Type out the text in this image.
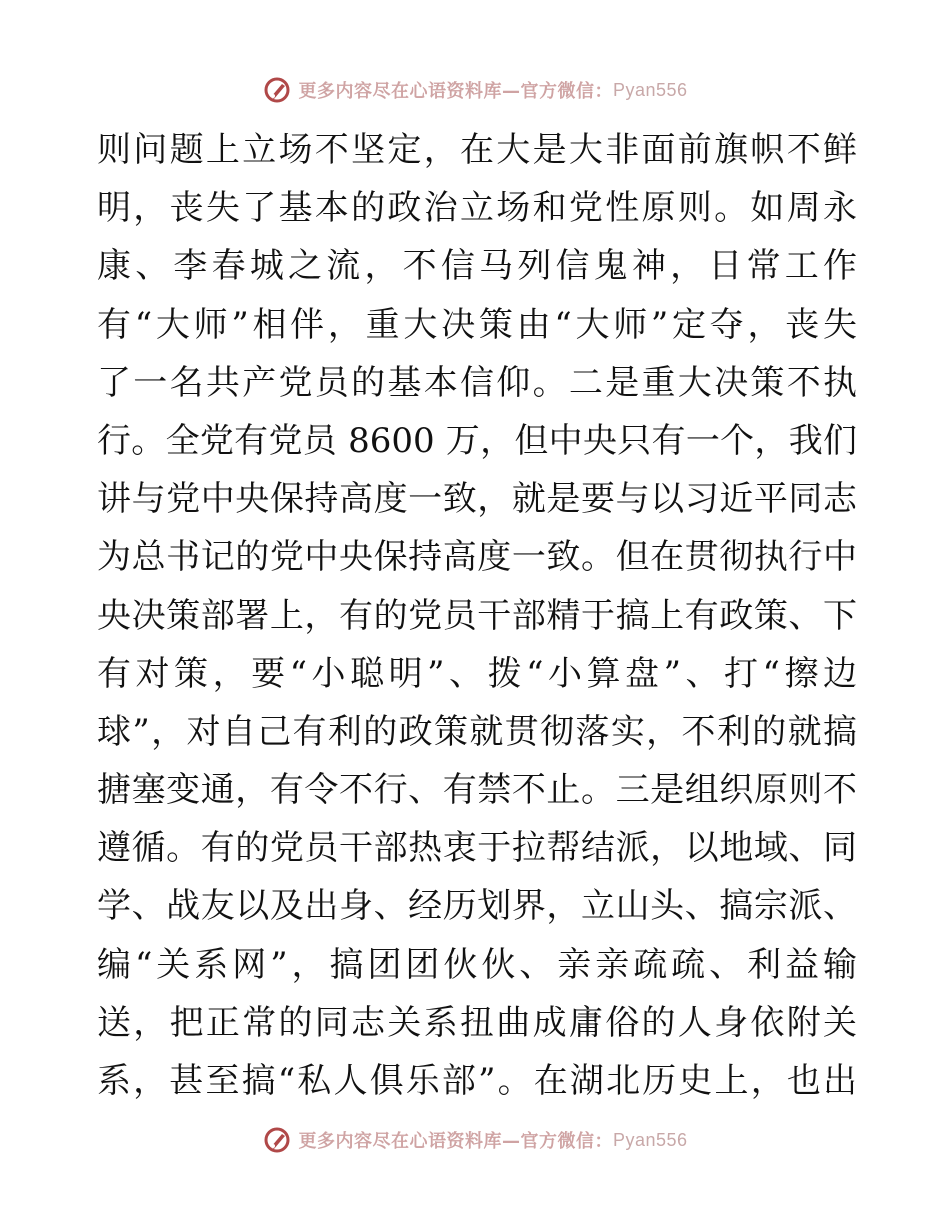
更多内容尽在心语资料库—官方微信： Pyan556
则问题上立场不坚定，在大是大非面前旗帜不鲜
明，丧失了基本的政治立场和党性原则。如周永
康、李春城之流，不信马列信鬼神，日常工作
有“大师”相伴，重大决策由“大师”定夺，丧失
了一名共产党员的基本信仰。二是重大决策不执
行。全党有党员 8600 万，但中央只有一个，我们
讲与党中央保持高度一致，就是要与以习近平同志
为总书记的党中央保持高度一致。但在贯彻执行中
央决策部署上，有的党员干部精于搞上有政策、下
有对策，要“小聪明”、拨“小算盘”、打“擦边
球”，对自己有利的政策就贯彻落实，不利的就搞
搪塞变通，有令不行、有禁不止。三是组织原则不
遵循。有的党员干部热衷于拉帮结派，以地域、同
学、战友以及出身、经历划界，立山头、搞宗派、
编“关系网”，搞团团伙伙、亲亲疏疏、利益输
送，把正常的同志关系扭曲成庸俗的人身依附关
系，甚至搞“私人俱乐部”。在湖北历史上，也出
更多内容尽在心语资料库—官方微信： Pyan556
